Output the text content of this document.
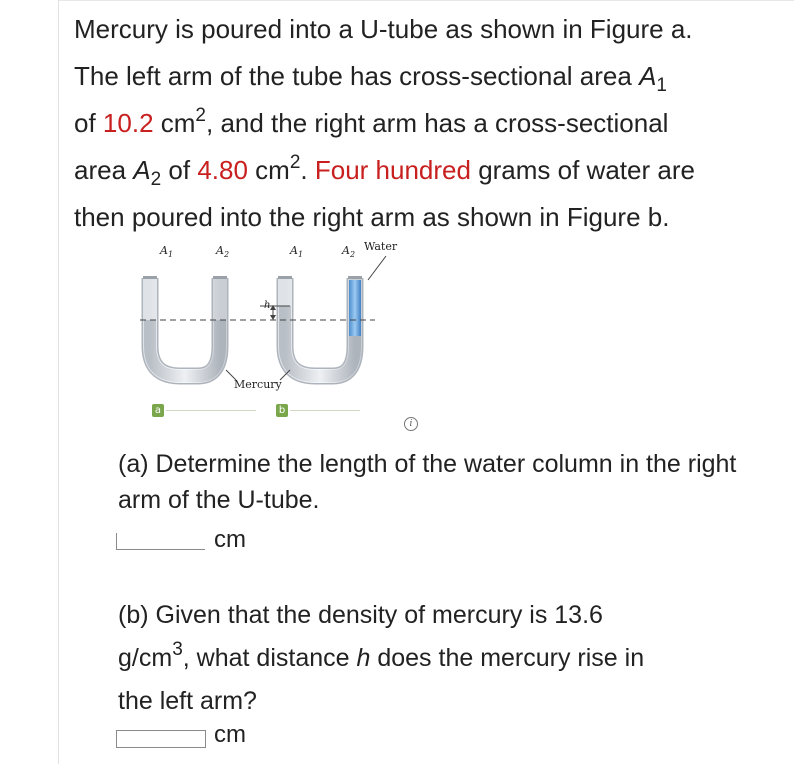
Mercury is poured into a U-tube as shown in Figure a.
The left arm of the tube has cross-sectional area $A_1$
of 10.2 $cm^2$, and the right arm has a cross-sectional
area $A_2$ of 4.80 $cm^2$. Four hundred grams of water are
then poured into the right arm as shown in Figure b.

$A_1$	$A_2$	$A_1$	$A_2$
Water
h
Mercury
a	b
i

(a) Determine the length of the water column in the right arm of the U-tube.

cm

(b) Given that the density of mercury is 13.6
$g/cm^3$, what distance h does the mercury rise in
the left arm?

cm
